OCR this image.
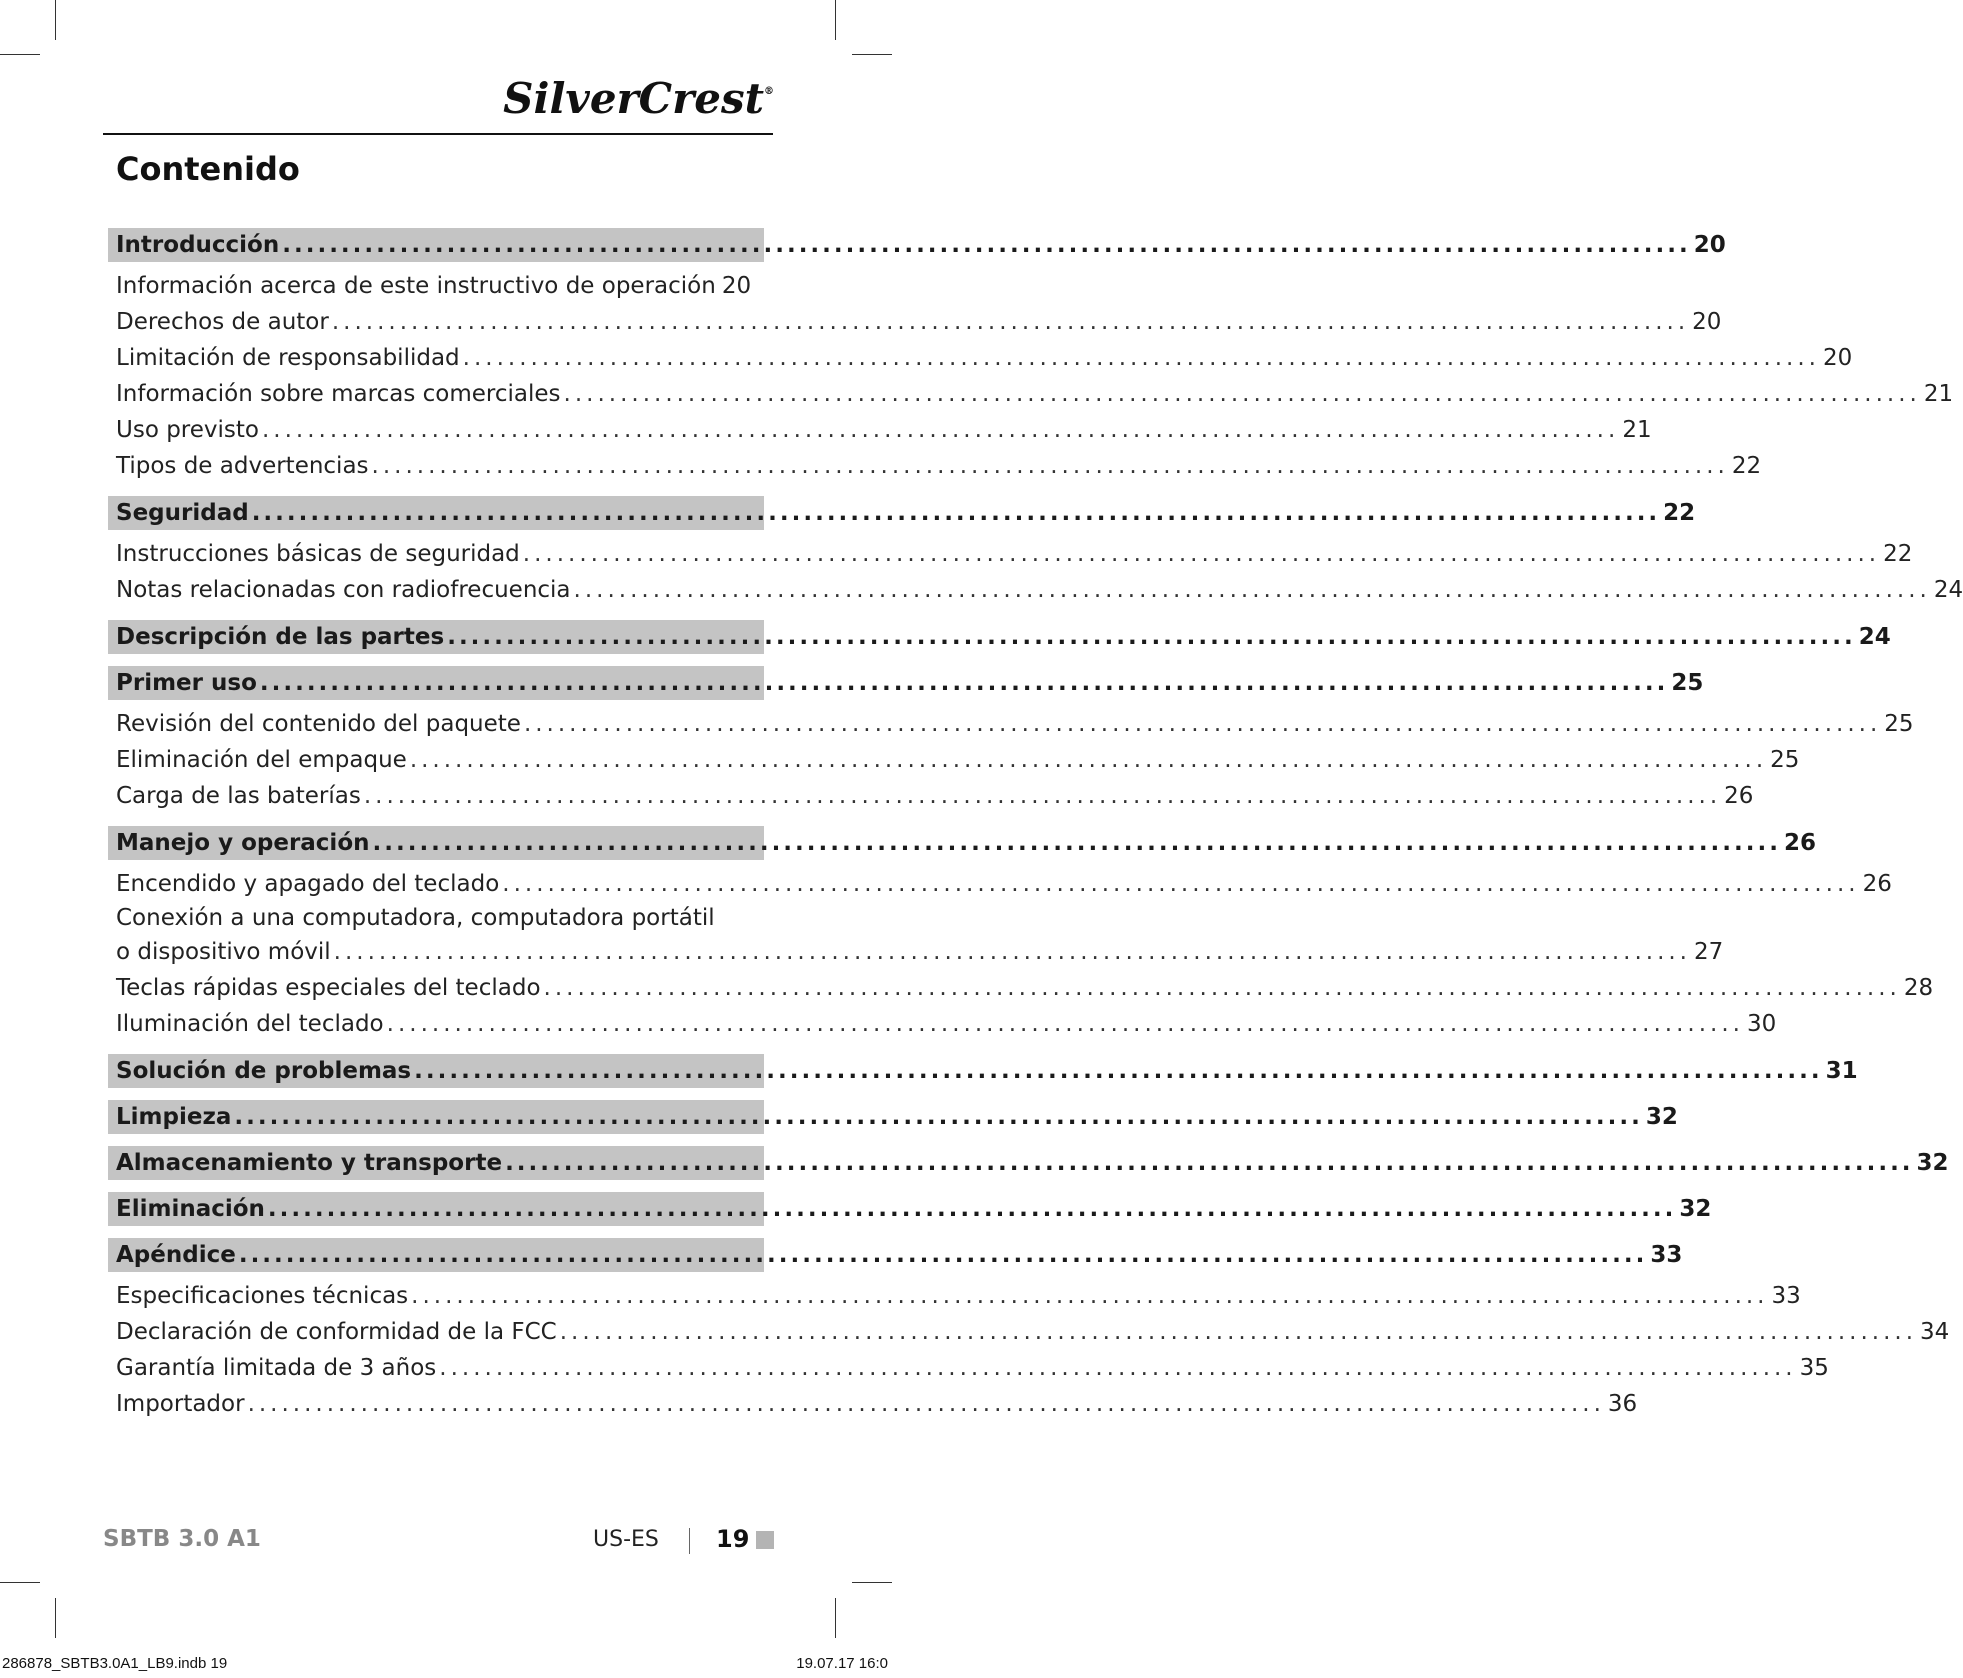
SilverCrest®
Contenido
Introducción ........................................................................................................................ 20
Información acerca de este instructivo de operación 20
Derechos de autor ........................................................................................................................ 20
Limitación de responsabilidad ........................................................................................................................ 20
Información sobre marcas comerciales ........................................................................................................................ 21
Uso previsto ........................................................................................................................ 21
Tipos de advertencias ........................................................................................................................ 22
Seguridad ........................................................................................................................ 22
Instrucciones básicas de seguridad ........................................................................................................................ 22
Notas relacionadas con radiofrecuencia ........................................................................................................................ 24
Descripción de las partes ........................................................................................................................ 24
Primer uso ........................................................................................................................ 25
Revisión del contenido del paquete ........................................................................................................................ 25
Eliminación del empaque ........................................................................................................................ 25
Carga de las baterías ........................................................................................................................ 26
Manejo y operación ........................................................................................................................ 26
Encendido y apagado del teclado ........................................................................................................................ 26
Conexión a una computadora, computadora portátil
o dispositivo móvil ........................................................................................................................ 27
Teclas rápidas especiales del teclado ........................................................................................................................ 28
Iluminación del teclado ........................................................................................................................ 30
Solución de problemas ........................................................................................................................ 31
Limpieza ........................................................................................................................ 32
Almacenamiento y transporte ........................................................................................................................ 32
Eliminación ........................................................................................................................ 32
Apéndice ........................................................................................................................ 33
Especificaciones técnicas ........................................................................................................................ 33
Declaración de conformidad de la FCC ........................................................................................................................ 34
Garantía limitada de 3 años ........................................................................................................................ 35
Importador ........................................................................................................................ 36
SBTB 3.0 A1	US-ES 19
286878_SBTB3.0A1_LB9.indb 19	19.07.17 16:0
